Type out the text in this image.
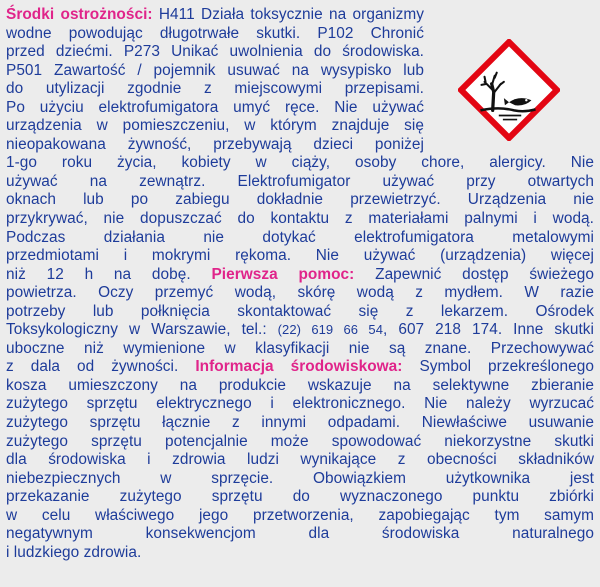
Środki ostrożności: H411 Działa toksycznie na organizmy
wodne powodując długotrwałe skutki. P102 Chronić
przed dziećmi. P273 Unikać uwolnienia do środowiska.
P501 Zawartość / pojemnik usuwać na wysypisko lub
do utylizacji zgodnie z miejscowymi przepisami.
Po użyciu elektrofumigatora umyć ręce. Nie używać
urządzenia w pomieszczeniu, w którym znajduje się
nieopakowana żywność, przebywają dzieci poniżej
1-go roku życia, kobiety w ciąży, osoby chore, alergicy. Nie
używać na zewnątrz. Elektrofumigator używać przy otwartych
oknach lub po zabiegu dokładnie przewietrzyć. Urządzenia nie
przykrywać, nie dopuszczać do kontaktu z materiałami palnymi i wodą.
Podczas działania nie dotykać elektrofumigatora metalowymi
przedmiotami i mokrymi rękoma. Nie używać (urządzenia) więcej
niż 12 h na dobę. Pierwsza pomoc: Zapewnić dostęp świeżego
powietrza. Oczy przemyć wodą, skórę wodą z mydłem. W razie
potrzeby lub połknięcia skontaktować się z lekarzem. Ośrodek
Toksykologiczny w Warszawie, tel.: (22) 619 66 54, 607 218 174. Inne skutki
uboczne niż wymienione w klasyfikacji nie są znane. Przechowywać
z dala od żywności. Informacja środowiskowa: Symbol przekreślonego
kosza umieszczony na produkcie wskazuje na selektywne zbieranie
zużytego sprzętu elektrycznego i elektronicznego. Nie należy wyrzucać
zużytego sprzętu łącznie z innymi odpadami. Niewłaściwe usuwanie
zużytego sprzętu potencjalnie może spowodować niekorzystne skutki
dla środowiska i zdrowia ludzi wynikające z obecności składników
niebezpiecznych w sprzęcie. Obowiązkiem użytkownika jest
przekazanie zużytego sprzętu do wyznaczonego punktu zbiórki
w celu właściwego jego przetworzenia, zapobiegając tym samym
negatywnym konsekwencjom dla środowiska naturalnego
i ludzkiego zdrowia.
